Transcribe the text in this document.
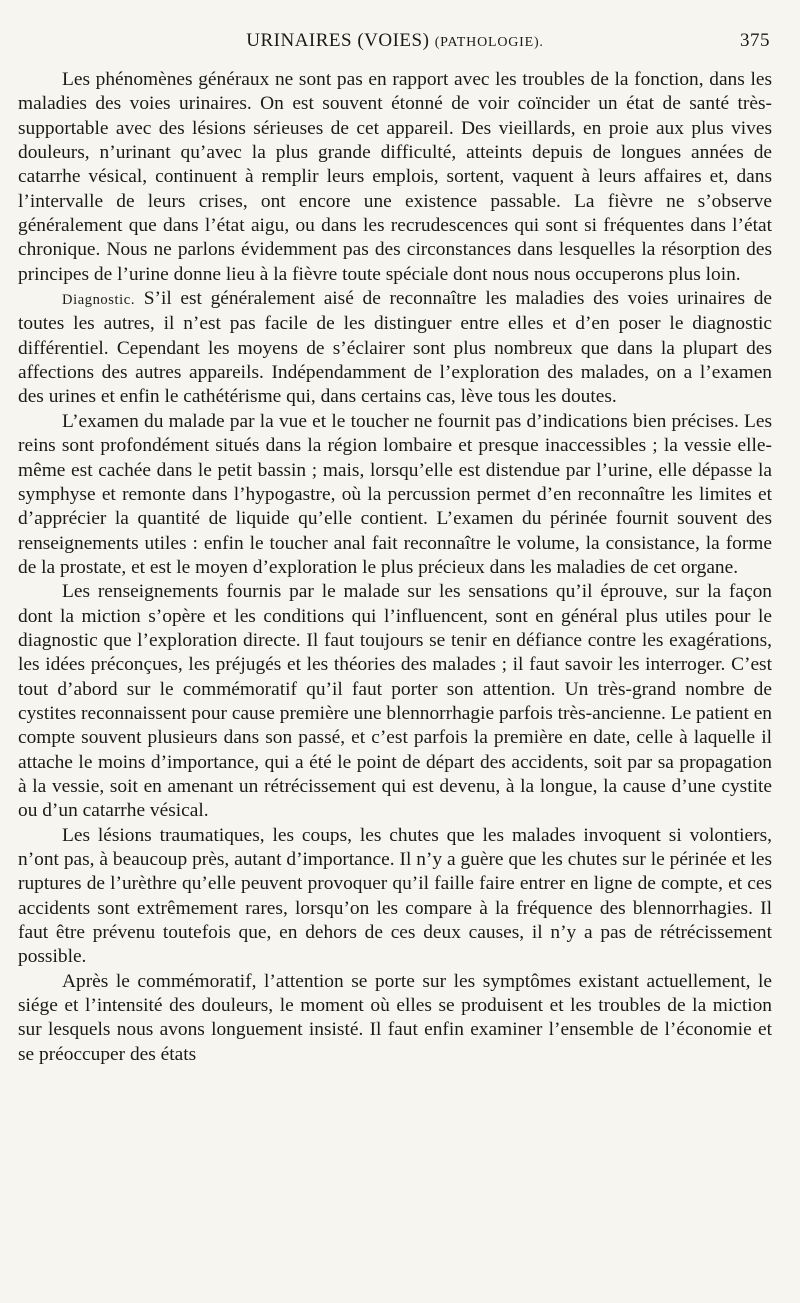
URINAIRES (VOIES) (PATHOLOGIE).	375

Les phénomènes généraux ne sont pas en rapport avec les troubles de la fonction, dans les maladies des voies urinaires. On est souvent étonné de voir coïncider un état de santé très-supportable avec des lésions sérieuses de cet appareil. Des vieillards, en proie aux plus vives douleurs, n’urinant qu’avec la plus grande difficulté, atteints depuis de longues années de catarrhe vésical, continuent à remplir leurs emplois, sortent, vaquent à leurs affaires et, dans l’intervalle de leurs crises, ont encore une existence passable. La fièvre ne s’observe généralement que dans l’état aigu, ou dans les recrudescences qui sont si fréquentes dans l’état chronique. Nous ne parlons évidemment pas des circonstances dans lesquelles la résorption des principes de l’urine donne lieu à la fièvre toute spéciale dont nous nous occuperons plus loin.

Diagnostic. S’il est généralement aisé de reconnaître les maladies des voies urinaires de toutes les autres, il n’est pas facile de les distinguer entre elles et d’en poser le diagnostic différentiel. Cependant les moyens de s’éclairer sont plus nombreux que dans la plupart des affections des autres appareils. Indépendamment de l’exploration des malades, on a l’examen des urines et enfin le cathétérisme qui, dans certains cas, lève tous les doutes.

L’examen du malade par la vue et le toucher ne fournit pas d’indications bien précises. Les reins sont profondément situés dans la région lombaire et presque inaccessibles ; la vessie elle-même est cachée dans le petit bassin ; mais, lorsqu’elle est distendue par l’urine, elle dépasse la symphyse et remonte dans l’hypogastre, où la percussion permet d’en reconnaître les limites et d’apprécier la quantité de liquide qu’elle contient. L’examen du périnée fournit souvent des renseignements utiles : enfin le toucher anal fait reconnaître le volume, la consistance, la forme de la prostate, et est le moyen d’exploration le plus précieux dans les maladies de cet organe.

Les renseignements fournis par le malade sur les sensations qu’il éprouve, sur la façon dont la miction s’opère et les conditions qui l’influencent, sont en général plus utiles pour le diagnostic que l’exploration directe. Il faut toujours se tenir en défiance contre les exagérations, les idées préconçues, les préjugés et les théories des malades ; il faut savoir les interroger. C’est tout d’abord sur le commémoratif qu’il faut porter son attention. Un très-grand nombre de cystites reconnaissent pour cause première une blennorrhagie parfois très-ancienne. Le patient en compte souvent plusieurs dans son passé, et c’est parfois la première en date, celle à laquelle il attache le moins d’importance, qui a été le point de départ des accidents, soit par sa propagation à la vessie, soit en amenant un rétrécissement qui est devenu, à la longue, la cause d’une cystite ou d’un catarrhe vésical.

Les lésions traumatiques, les coups, les chutes que les malades invoquent si volontiers, n’ont pas, à beaucoup près, autant d’importance. Il n’y a guère que les chutes sur le périnée et les ruptures de l’urèthre qu’elle peuvent provoquer qu’il faille faire entrer en ligne de compte, et ces accidents sont extrêmement rares, lorsqu’on les compare à la fréquence des blennorrhagies. Il faut être prévenu toutefois que, en dehors de ces deux causes, il n’y a pas de rétrécissement possible.

Après le commémoratif, l’attention se porte sur les symptômes existant actuellement, le siége et l’intensité des douleurs, le moment où elles se produisent et les troubles de la miction sur lesquels nous avons longuement insisté. Il faut enfin examiner l’ensemble de l’économie et se préoccuper des états
